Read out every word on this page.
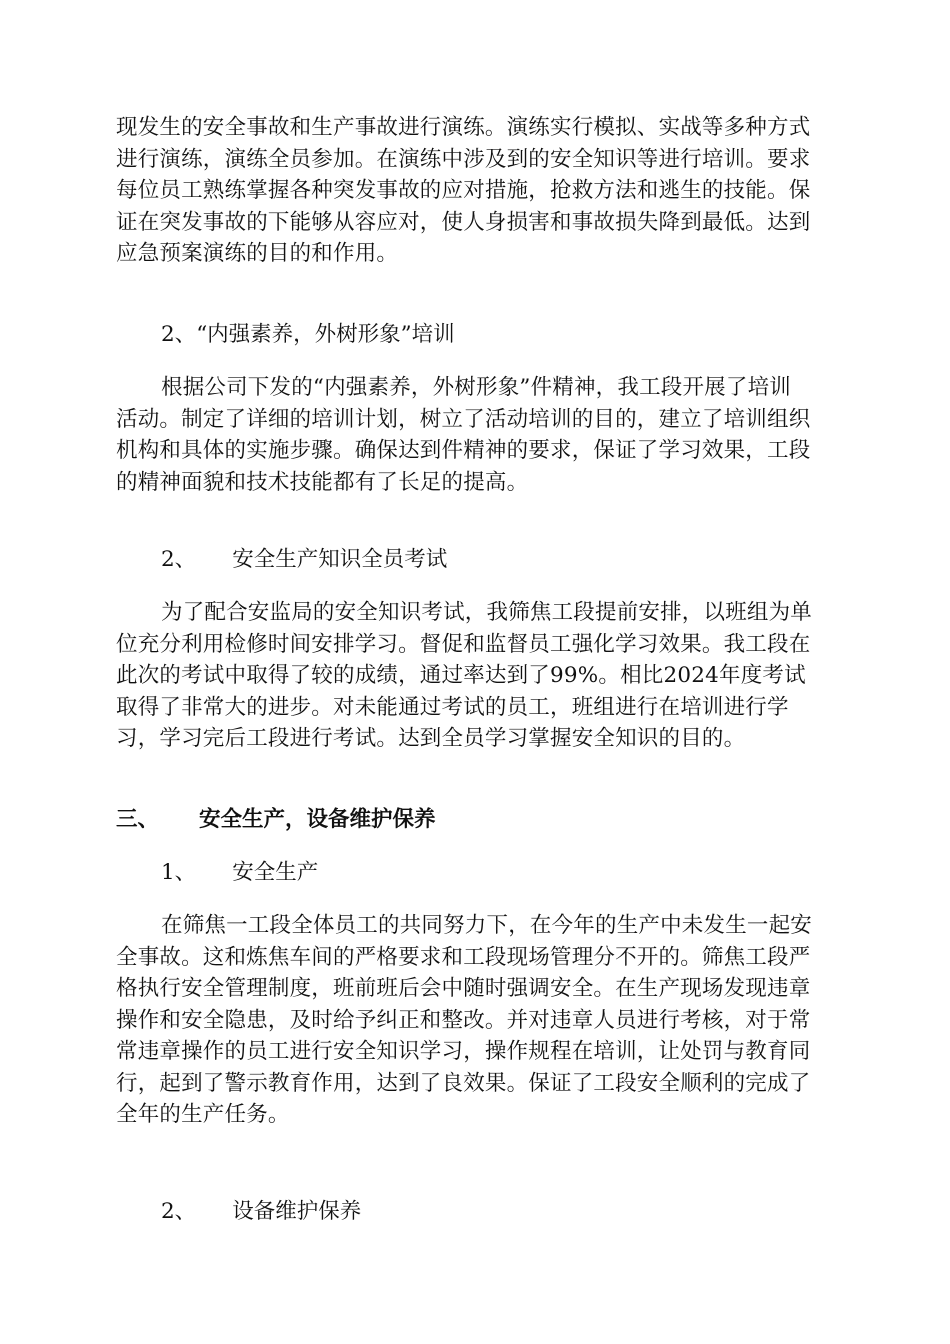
现发生的安全事故和生产事故进行演练。演练实行模拟、实战等多种方式
进行演练，演练全员参加。在演练中涉及到的安全知识等进行培训。要求
每位员工熟练掌握各种突发事故的应对措施，抢救方法和逃生的技能。保
证在突发事故的下能够从容应对，使人身损害和事故损失降到最低。达到
应急预案演练的目的和作用。
2、“内强素养，外树形象”培训
根据公司下发的“内强素养，外树形象”件精神，我工段开展了培训
活动。制定了详细的培训计划，树立了活动培训的目的，建立了培训组织
机构和具体的实施步骤。确保达到件精神的要求，保证了学习效果，工段
的精神面貌和技术技能都有了长足的提高。
2、 安全生产知识全员考试
为了配合安监局的安全知识考试，我筛焦工段提前安排，以班组为单
位充分利用检修时间安排学习。督促和监督员工强化学习效果。我工段在
此次的考试中取得了较的成绩，通过率达到了99%。相比2024年度考试
取得了非常大的进步。对未能通过考试的员工，班组进行在培训进行学
习，学习完后工段进行考试。达到全员学习掌握安全知识的目的。
三、 安全生产，设备维护保养
1、 安全生产
在筛焦一工段全体员工的共同努力下，在今年的生产中未发生一起安
全事故。这和炼焦车间的严格要求和工段现场管理分不开的。筛焦工段严
格执行安全管理制度，班前班后会中随时强调安全。在生产现场发现违章
操作和安全隐患，及时给予纠正和整改。并对违章人员进行考核，对于常
常违章操作的员工进行安全知识学习，操作规程在培训，让处罚与教育同
行，起到了警示教育作用，达到了良效果。保证了工段安全顺利的完成了
全年的生产任务。
2、 设备维护保养
